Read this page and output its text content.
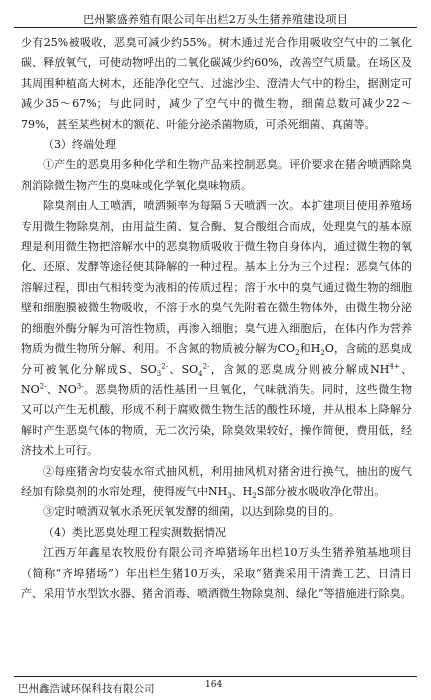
巴州繁盛养殖有限公司年出栏2万头生猪养殖建设项目

少有25%被吸收，恶臭可减少约55%。树木通过光合作用吸收空气中的二氧化碳、释放氧气，可使动物呼出的二氧化碳减少约60%，改善空气质量。在场区及其周围种植高大树木，还能净化空气、过滤沙尘、澄清大气中的粉尘，据测定可减少35～67%；与此同时，减少了空气中的微生物，细菌总数可减少22～79%，甚至某些树木的额花、叶能分泌杀菌物质，可杀死细菌、真菌等。

（3）终端处理

①产生的恶臭用多种化学和生物产品来控制恶臭。评价要求在猪舍喷洒除臭剂消除微生物产生的臭味或化学氧化臭味物质。

除臭剂由人工喷洒，喷洒频率为每隔５天喷洒一次。本扩建项目使用养殖场专用微生物除臭剂，由用益生菌、复合酶、复合酸组合而成，处理臭气的基本原理是利用微生物把溶解水中的恶臭物质吸收于微生物自身体内，通过微生物的氧化、还原、发酵等途径使其降解的一种过程。基本上分为三个过程：恶臭气体的溶解过程，即由气相转变为液相的传质过程；溶于水中的臭气通过微生物的细胞壁和细胞膜被微生物吸收，不溶于水的臭气先附着在微生物体外，由微生物分泌的细胞外酶分解为可溶性物质，再渗入细胞；臭气进入细胞后，在体内作为营养物质为微生物所分解、利用。不含氮的物质被分解为$CO_2$和$H_2O$，含硫的恶臭成分可被氧化分解成S、$SO_3^{2-}$、$SO_4^{2-}$，含氮的恶臭成分则被分解成$NH^{4+}$、$NO^{2-}$、$NO^{3-}$。恶臭物质的活性基团一旦氧化，气味就消失。同时，这些微生物又可以产生无机酸，形成不利于腐败微生物生活的酸性环境，并从根本上降解分解时产生恶臭气体的物质，无二次污染，除臭效果较好，操作简便，费用低，经济技术上可行。

②每座猪舍均安装水帘式抽风机，利用抽风机对猪舍进行换气，抽出的废气经加有除臭剂的水帘处理，使得废气中$NH_3$、$H_2S$部分被水吸收净化带出。

③定时喷洒双氧水杀死厌氧发酵的细菌，以达到除臭的目的。

（4）类比恶臭处理工程实测数据情况

江西万年鑫星农牧股份有限公司齐埠猪场年出栏10万头生猪养殖基地项目（简称“齐埠猪场”）年出栏生猪10万头，采取“猪粪采用干清粪工艺、日清日产、采用节水型饮水器、猪舍消毒、喷洒微生物除臭剂、绿化”等措施进行除臭。

巴州鑫浩诚环保科技有限公司	164
